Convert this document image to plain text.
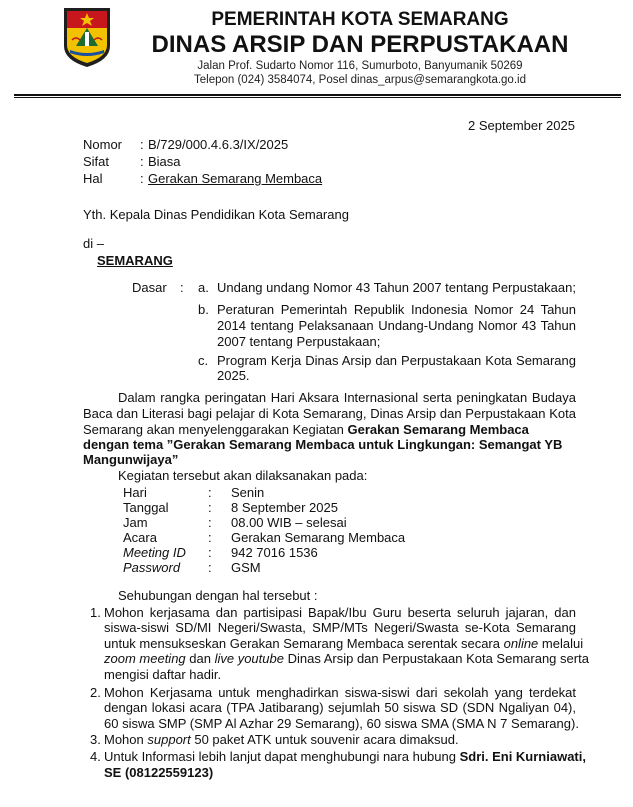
PEMERINTAH KOTA SEMARANG
DINAS ARSIP DAN PERPUSTAKAAN
Jalan Prof. Sudarto Nomor 116, Sumurboto, Banyumanik 50269
Telepon (024) 3584074, Posel dinas_arpus@semarangkota.go.id
2 September 2025
Nomor : B/729/000.4.6.3/IX/2025
Sifat : Biasa
Hal	: Gerakan Semarang Membaca
Yth. Kepala Dinas Pendidikan Kota Semarang
di –
SEMARANG
Dasar : a. Undang undang Nomor 43 Tahun 2007 tentang Perpustakaan;
b. Peraturan Pemerintah Republik Indonesia Nomor 24 Tahun
2014 tentang Pelaksanaan Undang-Undang Nomor 43 Tahun
2007 tentang Perpustakaan;
c. Program Kerja Dinas Arsip dan Perpustakaan Kota Semarang
2025.
Dalam rangka peringatan Hari Aksara Internasional serta peningkatan Budaya
Baca dan Literasi bagi pelajar di Kota Semarang, Dinas Arsip dan Perpustakaan Kota
Semarang akan menyelenggarakan Kegiatan Gerakan Semarang Membaca
dengan tema ”Gerakan Semarang Membaca untuk Lingkungan: Semangat YB
Mangunwijaya”
Kegiatan tersebut akan dilaksanakan pada:
Hari	: Senin
Tanggal	: 8 September 2025
Jam	: 08.00 WIB – selesai
Acara	: Gerakan Semarang Membaca
Meeting ID : 942 7016 1536
Password : GSM
Sehubungan dengan hal tersebut :
1. Mohon kerjasama dan partisipasi Bapak/Ibu Guru beserta seluruh jajaran, dan
siswa-siswi SD/MI Negeri/Swasta, SMP/MTs Negeri/Swasta se-Kota Semarang
untuk mensukseskan Gerakan Semarang Membaca serentak secara online melalui
zoom meeting dan live youtube Dinas Arsip dan Perpustakaan Kota Semarang serta
mengisi daftar hadir.
2. Mohon Kerjasama untuk menghadirkan siswa-siswi dari sekolah yang terdekat
dengan lokasi acara (TPA Jatibarang) sejumlah 50 siswa SD (SDN Ngaliyan 04),
60 siswa SMP (SMP Al Azhar 29 Semarang), 60 siswa SMA (SMA N 7 Semarang).
3. Mohon support 50 paket ATK untuk souvenir acara dimaksud.
4. Untuk Informasi lebih lanjut dapat menghubungi nara hubung Sdri. Eni Kurniawati,
SE (08122559123)
